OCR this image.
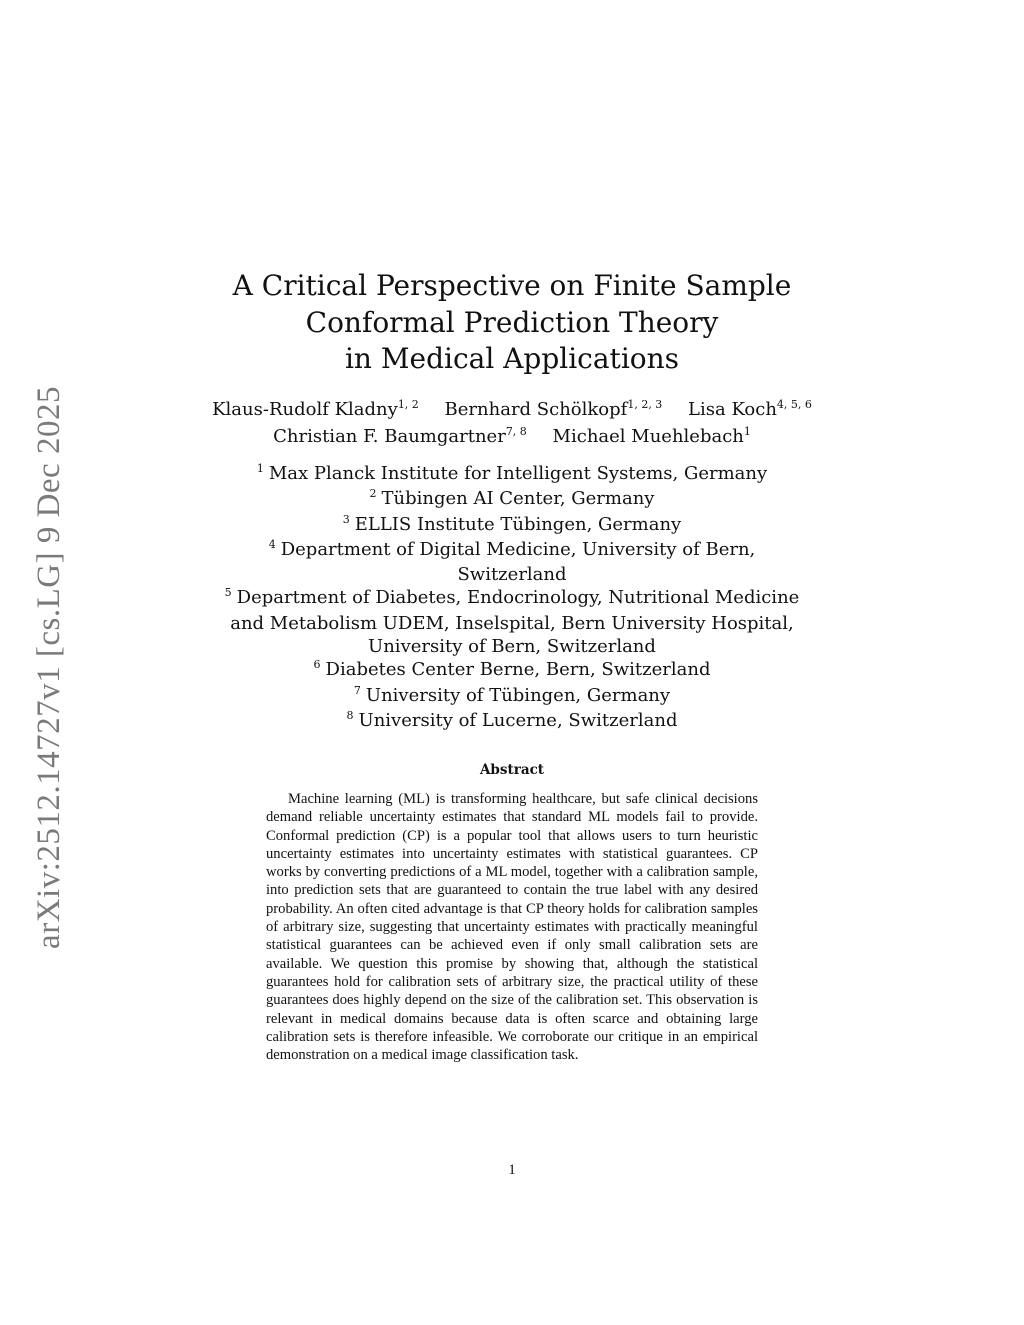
arXiv:2512.14727v1 [cs.LG] 9 Dec 2025
A Critical Perspective on Finite Sample
Conformal Prediction Theory
in Medical Applications
Klaus-Rudolf Kladny$^{1, 2}$ Bernhard Schölkopf$^{1, 2, 3}$ Lisa Koch$^{4, 5, 6}$
Christian F. Baumgartner$^{7, 8}$ Michael Muehlebach$^1$
$^1$ Max Planck Institute for Intelligent Systems, Germany
$^2$ Tübingen AI Center, Germany
$^3$ ELLIS Institute Tübingen, Germany
$^4$ Department of Digital Medicine, University of Bern,
Switzerland
$^5$ Department of Diabetes, Endocrinology, Nutritional Medicine
and Metabolism UDEM, Inselspital, Bern University Hospital,
University of Bern, Switzerland
$^6$ Diabetes Center Berne, Bern, Switzerland
$^7$ University of Tübingen, Germany
$^8$ University of Lucerne, Switzerland
Abstract

Machine learning (ML) is transforming healthcare, but safe clinical decisions demand reliable uncertainty estimates that standard ML models fail to provide. Conformal prediction (CP) is a popular tool that allows users to turn heuristic uncertainty estimates into uncertainty estimates with statistical guarantees. CP works by converting predictions of a ML model, together with a calibration sample, into prediction sets that are guaranteed to contain the true label with any desired probability. An often cited advantage is that CP theory holds for calibration samples of arbitrary size, suggesting that uncertainty estimates with practically meaningful statistical guarantees can be achieved even if only small calibration sets are available. We question this promise by showing that, although the statistical guarantees hold for calibration sets of arbitrary size, the practical utility of these guarantees does highly depend on the size of the calibration set. This observation is relevant in medical domains because data is often scarce and obtaining large calibration sets is therefore infeasible. We corroborate our critique in an empirical demonstration on a medical image classification task.

1
